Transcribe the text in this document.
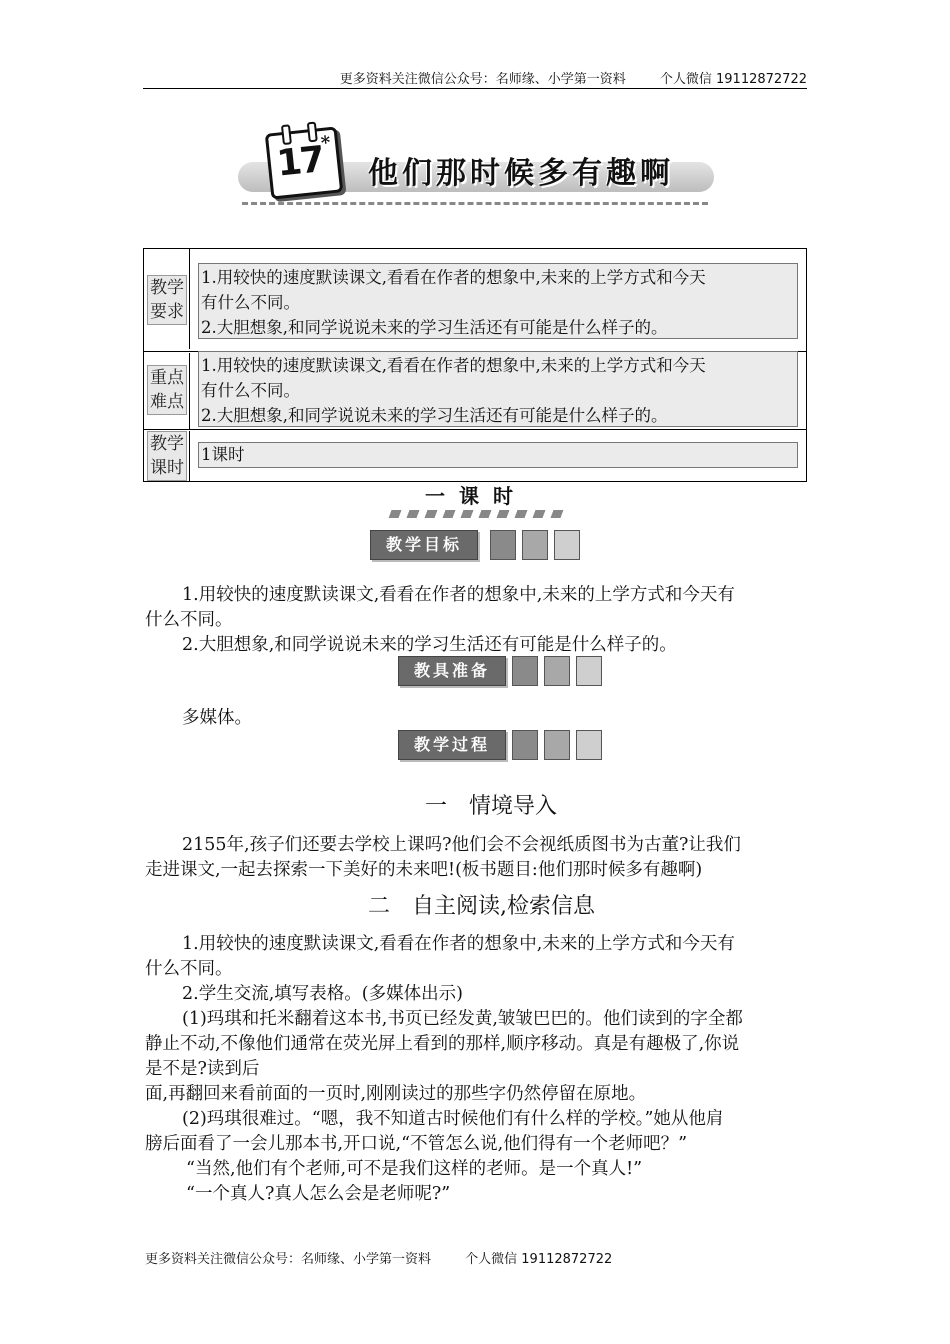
更多资料关注微信公众号：名师缘、小学第一资料	个人微信 19112872722
17
*
他们那时候多有趣啊
教学
要求
1.用较快的速度默读课文,看看在作者的想象中,未来的上学方式和今天
有什么不同。
2.大胆想象,和同学说说未来的学习生活还有可能是什么样子的。
重点
难点
1.用较快的速度默读课文,看看在作者的想象中,未来的上学方式和今天
有什么不同。
2.大胆想象,和同学说说未来的学习生活还有可能是什么样子的。
教学
课时
1课时
一课时
教学目标
1.用较快的速度默读课文,看看在作者的想象中,未来的上学方式和今天有
什么不同。
2.大胆想象,和同学说说未来的学习生活还有可能是什么样子的。
教具准备
多媒体。
教学过程
一　情境导入
2155年,孩子们还要去学校上课吗?他们会不会视纸质图书为古董?让我们
走进课文,一起去探索一下美好的未来吧!(板书题目:他们那时候多有趣啊)
二　自主阅读,检索信息
1.用较快的速度默读课文,看看在作者的想象中,未来的上学方式和今天有
什么不同。
2.学生交流,填写表格。(多媒体出示)
(1)玛琪和托米翻着这本书,书页已经发黄,皱皱巴巴的。他们读到的字全都
静止不动,不像他们通常在荧光屏上看到的那样,顺序移动。真是有趣极了,你说
是不是?读到后
面,再翻回来看前面的一页时,刚刚读过的那些字仍然停留在原地。
(2)玛琪很难过。“嗯，我不知道古时候他们有什么样的学校。”她从他肩
膀后面看了一会儿那本书,开口说,“不管怎么说,他们得有一个老师吧？”
“当然,他们有个老师,可不是我们这样的老师。是一个真人!”
“一个真人?真人怎么会是老师呢?”
更多资料关注微信公众号：名师缘、小学第一资料	个人微信 19112872722
